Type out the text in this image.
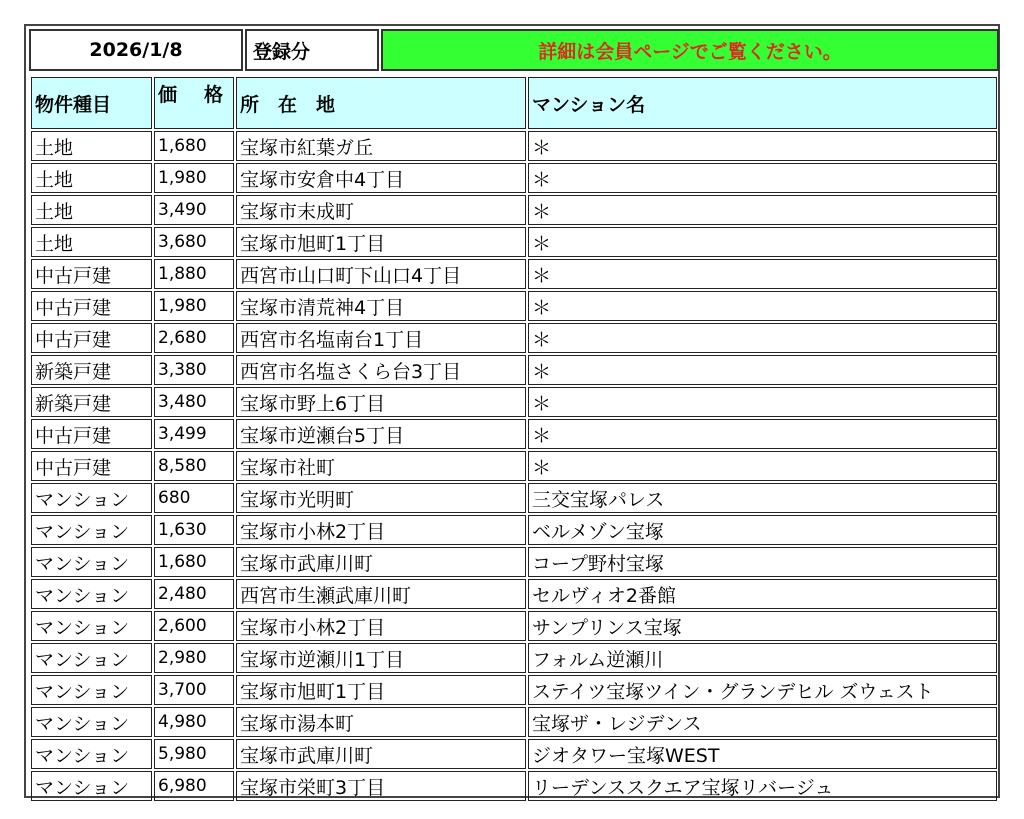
2026/1/8	登録分	詳細は会員ページでご覧ください。
物件種目	価　格	所　在　地	マンション名
土地	1,680	宝塚市紅葉ガ丘	＊
土地	1,980	宝塚市安倉中4丁目	＊
土地	3,490	宝塚市末成町	＊
土地	3,680	宝塚市旭町1丁目	＊
中古戸建	1,880	西宮市山口町下山口4丁目	＊
中古戸建	1,980	宝塚市清荒神4丁目	＊
中古戸建	2,680	西宮市名塩南台1丁目	＊
新築戸建	3,380	西宮市名塩さくら台3丁目	＊
新築戸建	3,480	宝塚市野上6丁目	＊
中古戸建	3,499	宝塚市逆瀬台5丁目	＊
中古戸建	8,580	宝塚市社町	＊
マンション	680	宝塚市光明町	三交宝塚パレス
マンション	1,630	宝塚市小林2丁目	ベルメゾン宝塚
マンション	1,680	宝塚市武庫川町	コープ野村宝塚
マンション	2,480	西宮市生瀬武庫川町	セルヴィオ2番館
マンション	2,600	宝塚市小林2丁目	サンプリンス宝塚
マンション	2,980	宝塚市逆瀬川1丁目	フォルム逆瀬川
マンション	3,700	宝塚市旭町1丁目	ステイツ宝塚ツイン・グランデヒル ズウェスト
マンション	4,980	宝塚市湯本町	宝塚ザ・レジデンス
マンション	5,980	宝塚市武庫川町	ジオタワー宝塚WEST
マンション	6,980	宝塚市栄町3丁目	リーデンススクエア宝塚リバージュ
